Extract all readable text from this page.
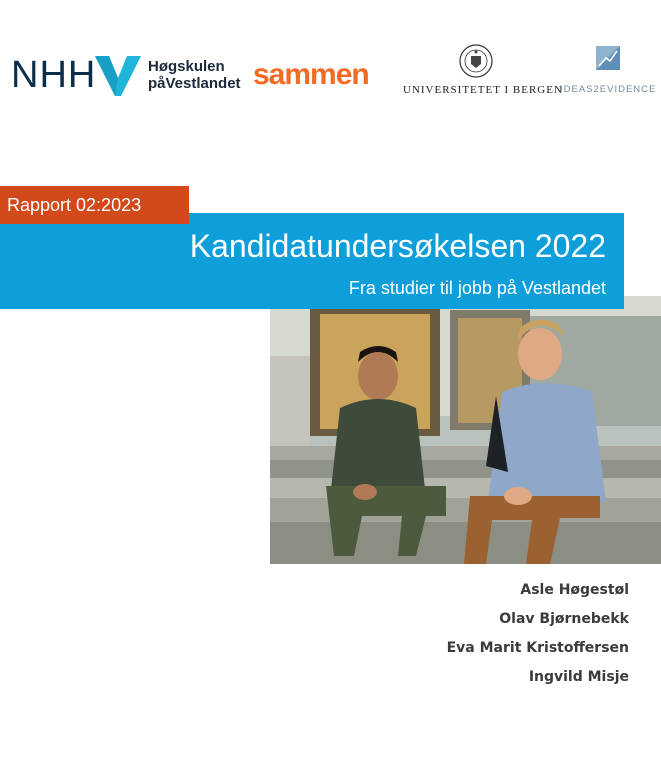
NHH	Høgskulen
påVestlandet sammen	UNIVERSITETET I BERGEN
IDEAS2EVIDENCE
Rapport 02:2023
Kandidatundersøkelsen 2022
Fra studier til jobb på Vestlandet
Asle Høgestøl
Olav Bjørnebekk
Eva Marit Kristoffersen
Ingvild Misje
